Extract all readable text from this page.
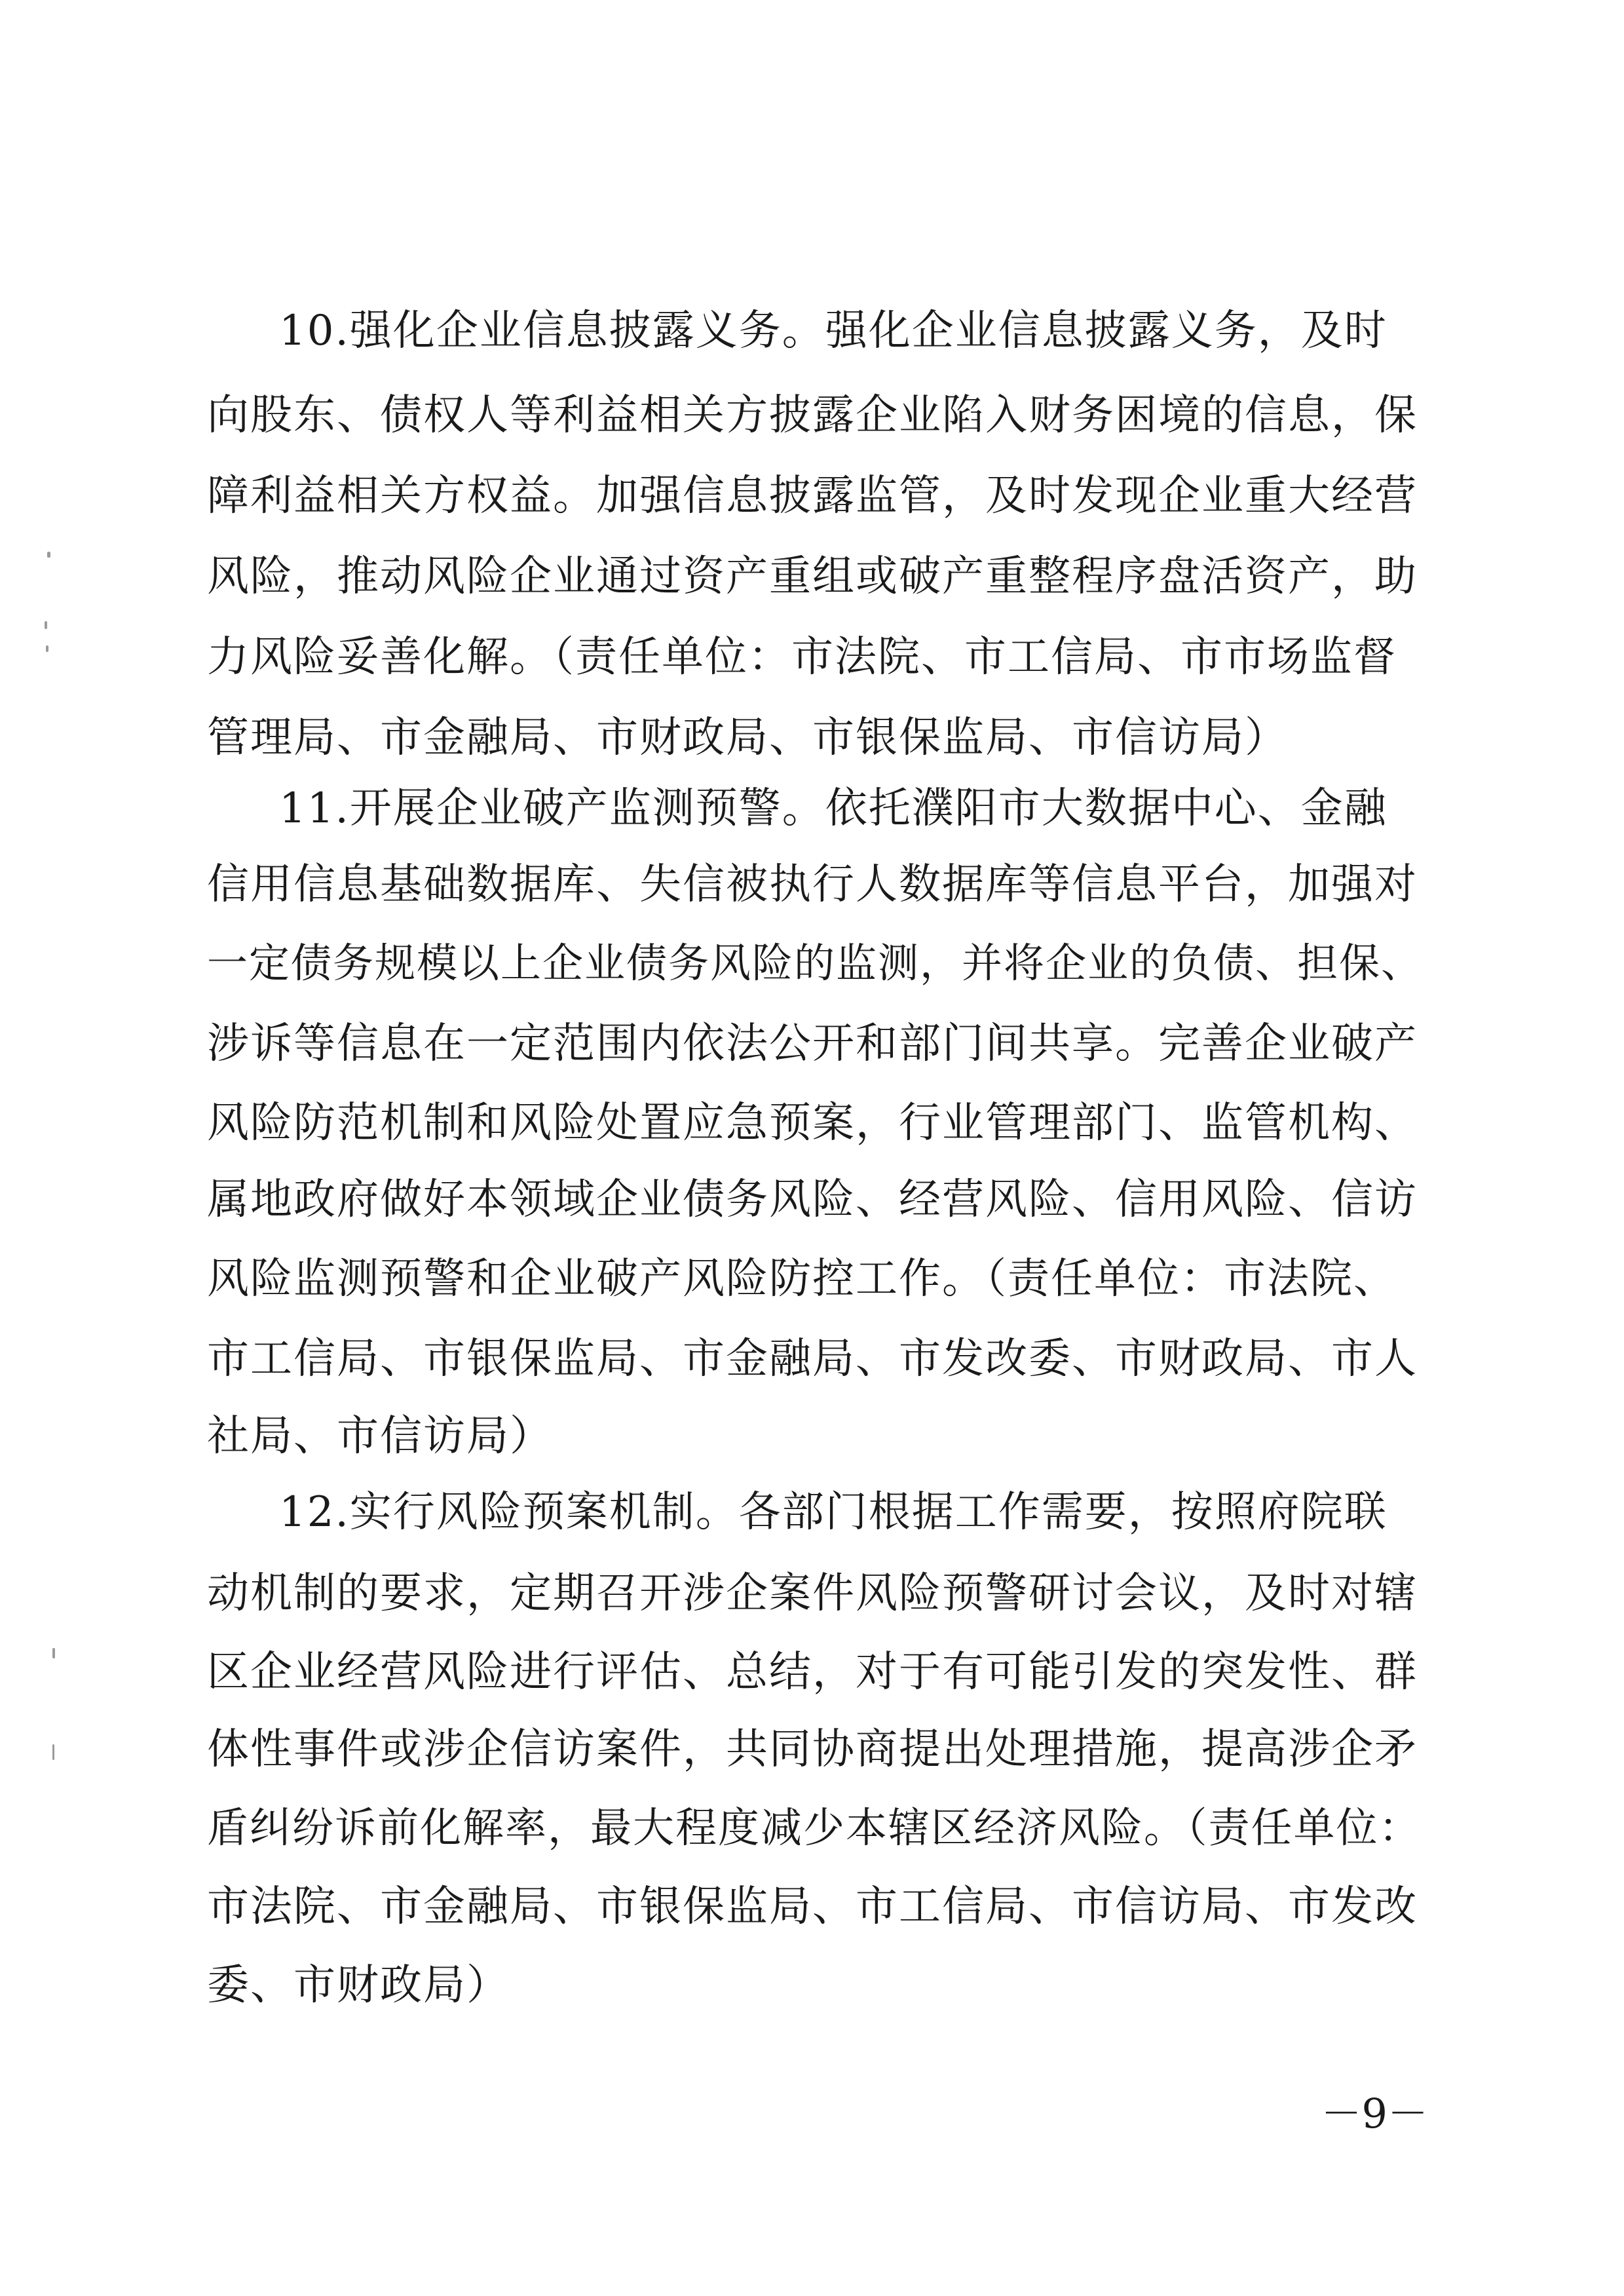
10.强化企业信息披露义务。强化企业信息披露义务，及时
向股东、债权人等利益相关方披露企业陷入财务困境的信息，保
障利益相关方权益。加强信息披露监管，及时发现企业重大经营
风险，推动风险企业通过资产重组或破产重整程序盘活资产，助
力风险妥善化解。（责任单位：市法院、市工信局、市市场监督
管理局、市金融局、市财政局、市银保监局、市信访局）
11.开展企业破产监测预警。依托濮阳市大数据中心、金融
信用信息基础数据库、失信被执行人数据库等信息平台，加强对
一定债务规模以上企业债务风险的监测，并将企业的负债、担保、
涉诉等信息在一定范围内依法公开和部门间共享。完善企业破产
风险防范机制和风险处置应急预案，行业管理部门、监管机构、
属地政府做好本领域企业债务风险、经营风险、信用风险、信访
风险监测预警和企业破产风险防控工作。（责任单位：市法院、
市工信局、市银保监局、市金融局、市发改委、市财政局、市人
社局、市信访局）
12.实行风险预案机制。各部门根据工作需要，按照府院联
动机制的要求，定期召开涉企案件风险预警研讨会议，及时对辖
区企业经营风险进行评估、总结，对于有可能引发的突发性、群
体性事件或涉企信访案件，共同协商提出处理措施，提高涉企矛
盾纠纷诉前化解率，最大程度减少本辖区经济风险。（责任单位：
市法院、市金融局、市银保监局、市工信局、市信访局、市发改
委、市财政局）
－9－
